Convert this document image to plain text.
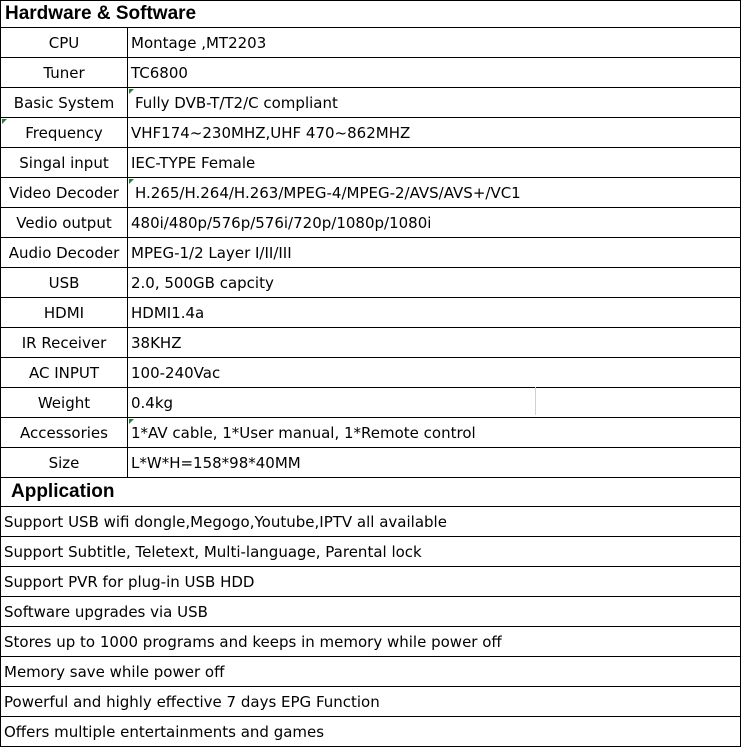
Hardware & Software	
CPU	Montage ,MT2203
Tuner	TC6800
Basic System	Fully DVB-T/T2/C compliant
Frequency	VHF174~230MHZ,UHF 470~862MHZ
Singal input	IEC-TYPE Female
Video Decoder	H.265/H.264/H.263/MPEG-4/MPEG-2/AVS/AVS+/VC1
Vedio output	480i/480p/576p/576i/720p/1080p/1080i
Audio Decoder	MPEG-1/2 Layer I/II/III
USB	2.0, 500GB capcity
HDMI	HDMI1.4a
IR Receiver	38KHZ
AC INPUT	100-240Vac
Weight	0.4kg
Accessories	1*AV cable, 1*User manual, 1*Remote control
Size	L*W*H=158*98*40MM
Application	
Support USB wifi dongle,Megogo,Youtube,IPTV all available	
Support Subtitle, Teletext, Multi-language, Parental lock	
Support PVR for plug-in USB HDD	
Software upgrades via USB	
Stores up to 1000 programs and keeps in memory while power off	
Memory save while power off	
Powerful and highly effective 7 days EPG Function	
Offers multiple entertainments and games	
